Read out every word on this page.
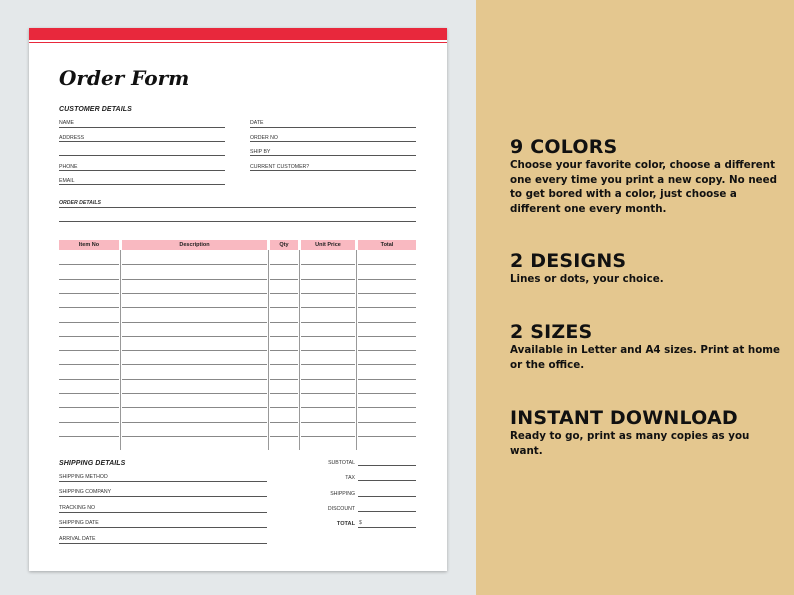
Order Form
CUSTOMER DETAILS
NAME
ADDRESS
PHONE
EMAIL
DATE
ORDER NO
SHIP BY
CURRENT CUSTOMER?
ORDER DETAILS
Item No	Description	Qty	Unit Price	Total
SHIPPING DETAILS
SHIPPING METHOD
SHIPPING COMPANY
TRACKING NO
SHIPPING DATE
ARRIVAL DATE
SUBTOTAL
TAX
SHIPPING
DISCOUNT
TOTAL $
9 COLORS
Choose your favorite color, choose a different one every time you print a new copy. No need to get bored with a color, just choose a different one every month.
2 DESIGNS
Lines or dots, your choice.
2 SIZES
Available in Letter and A4 sizes. Print at home or the office.
INSTANT DOWNLOAD
Ready to go, print as many copies as you want.
